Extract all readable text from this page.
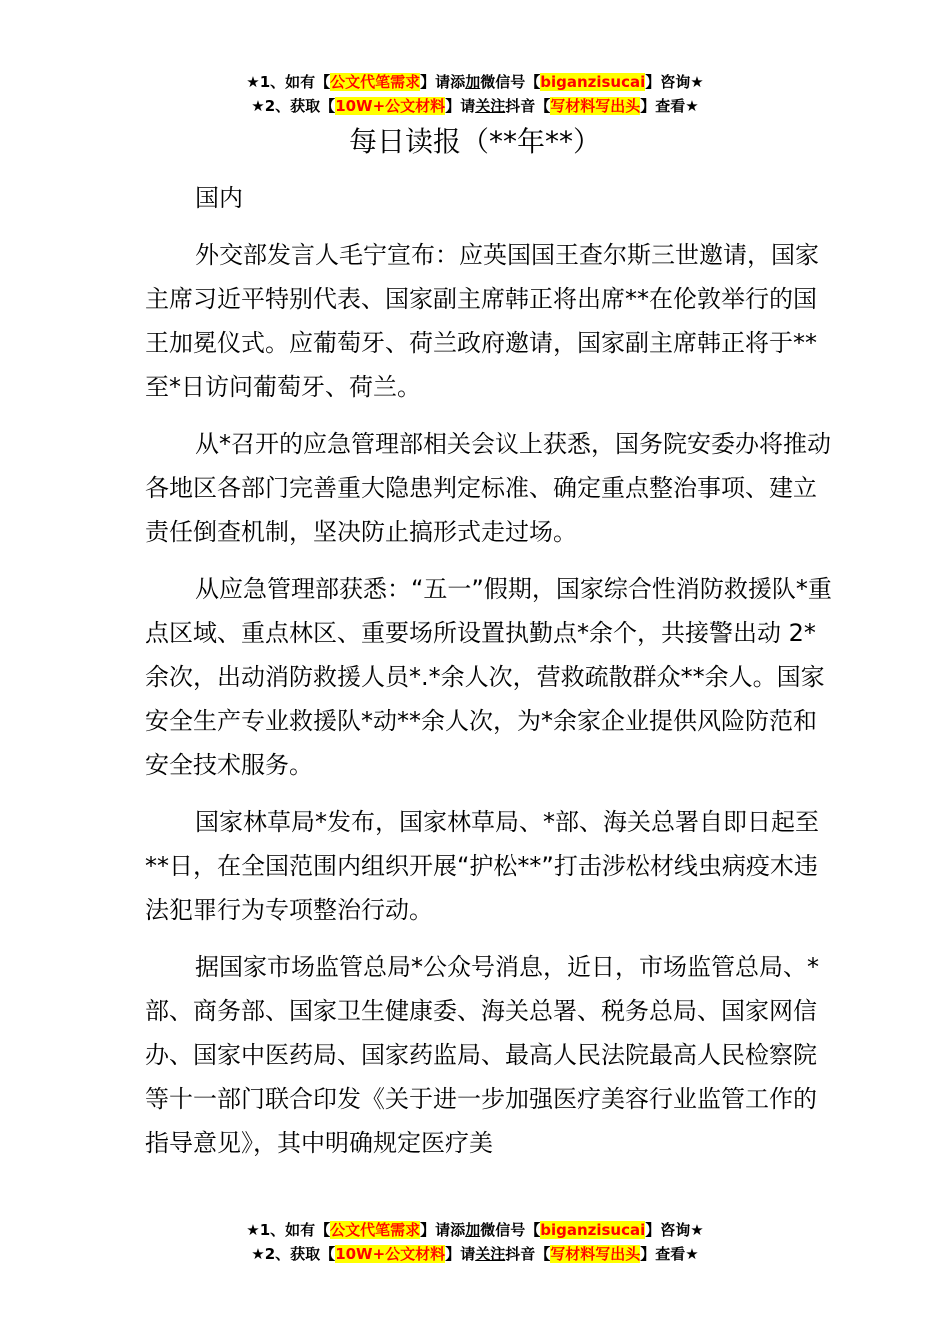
★1、如有【公文代笔需求】请添加微信号【biganzisucai】咨询★
★2、获取【10W+公文材料】请关注抖音【写材料写出头】查看★
每日读报（**年**）

国内

外交部发言人毛宁宣布：应英国国王查尔斯三世邀请，国家主席习近平特别代表、国家副主席韩正将出席**在伦敦举行的国王加冕仪式。应葡萄牙、荷兰政府邀请，国家副主席韩正将于**至*日访问葡萄牙、荷兰。

从*召开的应急管理部相关会议上获悉，国务院安委办将推动各地区各部门完善重大隐患判定标准、确定重点整治事项、建立责任倒查机制，坚决防止搞形式走过场。

从应急管理部获悉：“五一”假期，国家综合性消防救援队*重点区域、重点林区、重要场所设置执勤点*余个，共接警出动 2*余次，出动消防救援人员*.*余人次，营救疏散群众**余人。国家安全生产专业救援队*动**余人次，为*余家企业提供风险防范和安全技术服务。

国家林草局*发布，国家林草局、*部、海关总署自即日起至**日，在全国范围内组织开展“护松**”打击涉松材线虫病疫木违法犯罪行为专项整治行动。

据国家市场监管总局*公众号消息，近日，市场监管总局、*部、商务部、国家卫生健康委、海关总署、税务总局、国家网信办、国家中医药局、国家药监局、最高人民法院最高人民检察院等十一部门联合印发《关于进一步加强医疗美容行业监管工作的指导意见》，其中明确规定医疗美

★1、如有【公文代笔需求】请添加微信号【biganzisucai】咨询★
★2、获取【10W+公文材料】请关注抖音【写材料写出头】查看★
